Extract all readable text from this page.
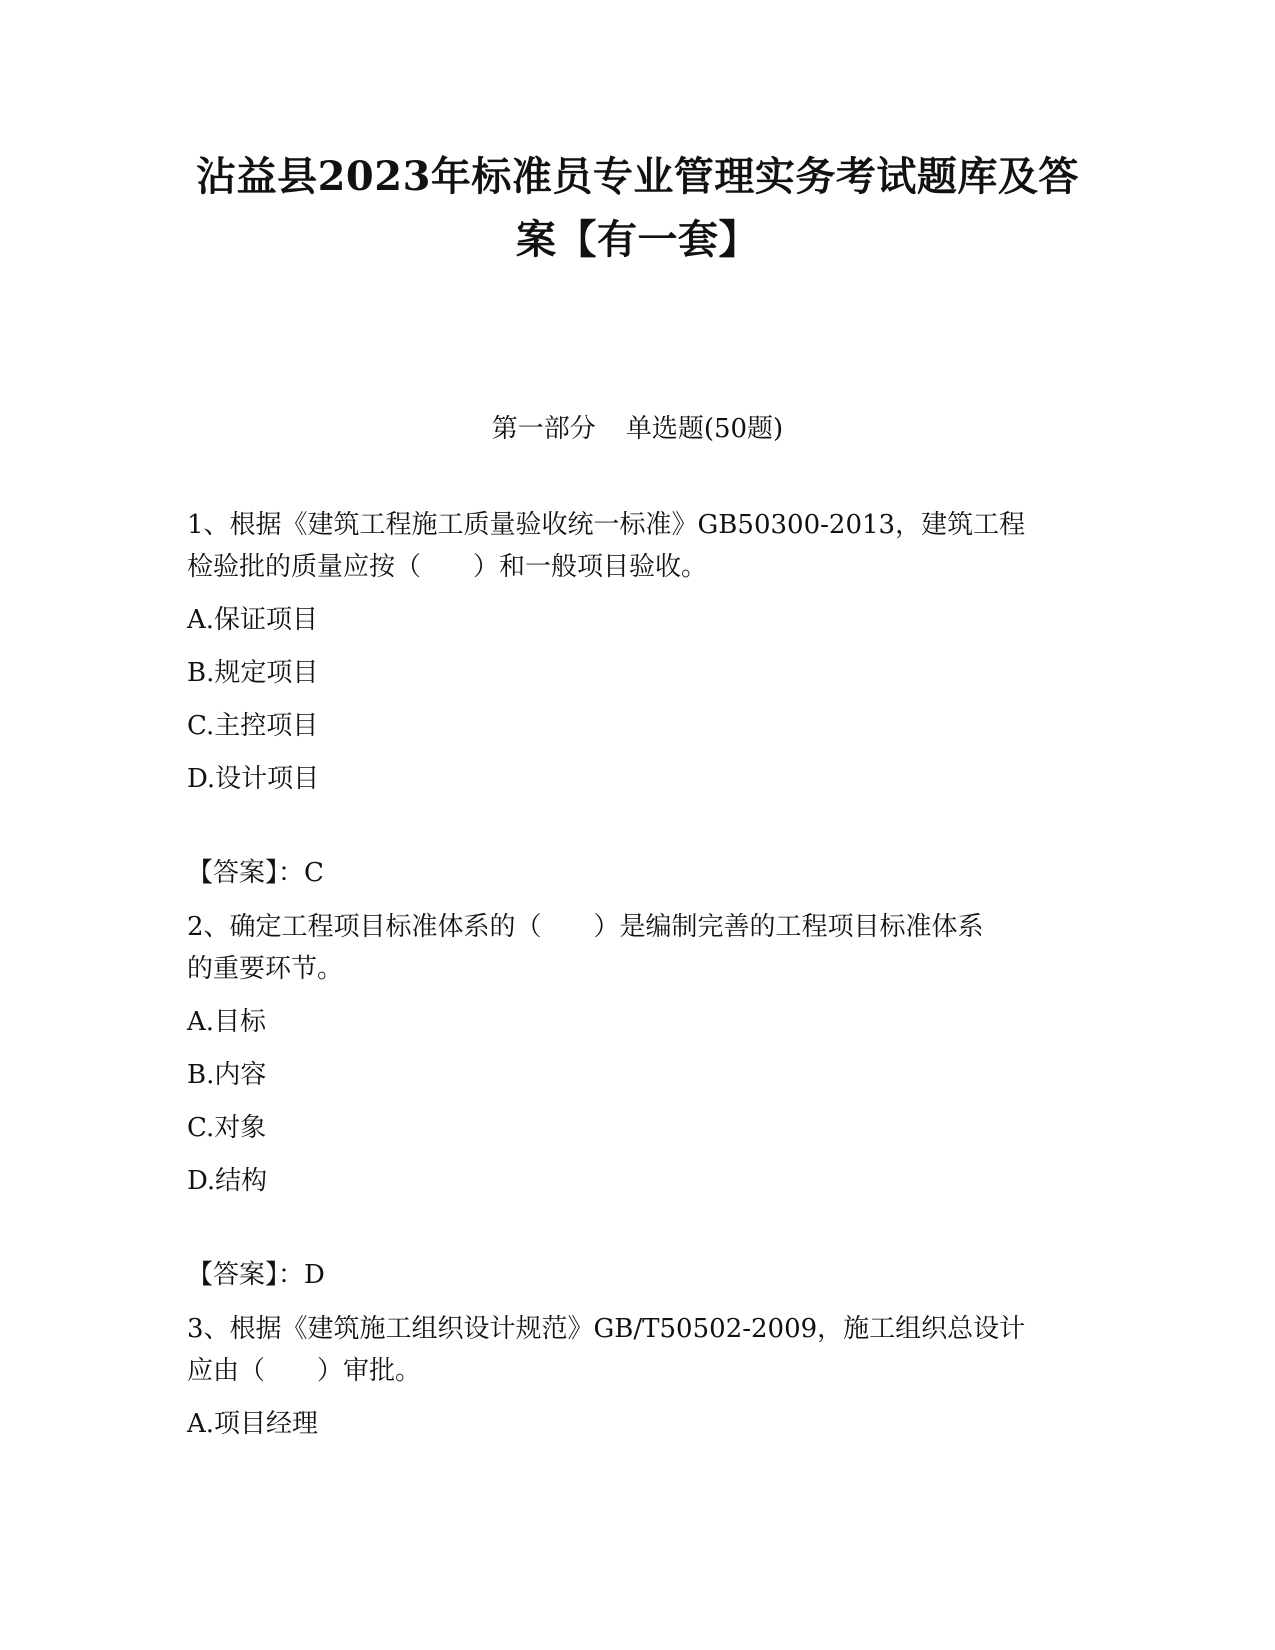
沾益县2023年标准员专业管理实务考试题库及答
案【有一套】
第一部分 单选题(50题)
1、根据《建筑工程施工质量验收统一标准》GB50300-2013，建筑工程
检验批的质量应按（　　）和一般项目验收。
A.保证项目
B.规定项目
C.主控项目
D.设计项目
【答案】：C
2、确定工程项目标准体系的（　　）是编制完善的工程项目标准体系
的重要环节。
A.目标
B.内容
C.对象
D.结构
【答案】：D
3、根据《建筑施工组织设计规范》GB/T50502-2009，施工组织总设计
应由（　　）审批。
A.项目经理
